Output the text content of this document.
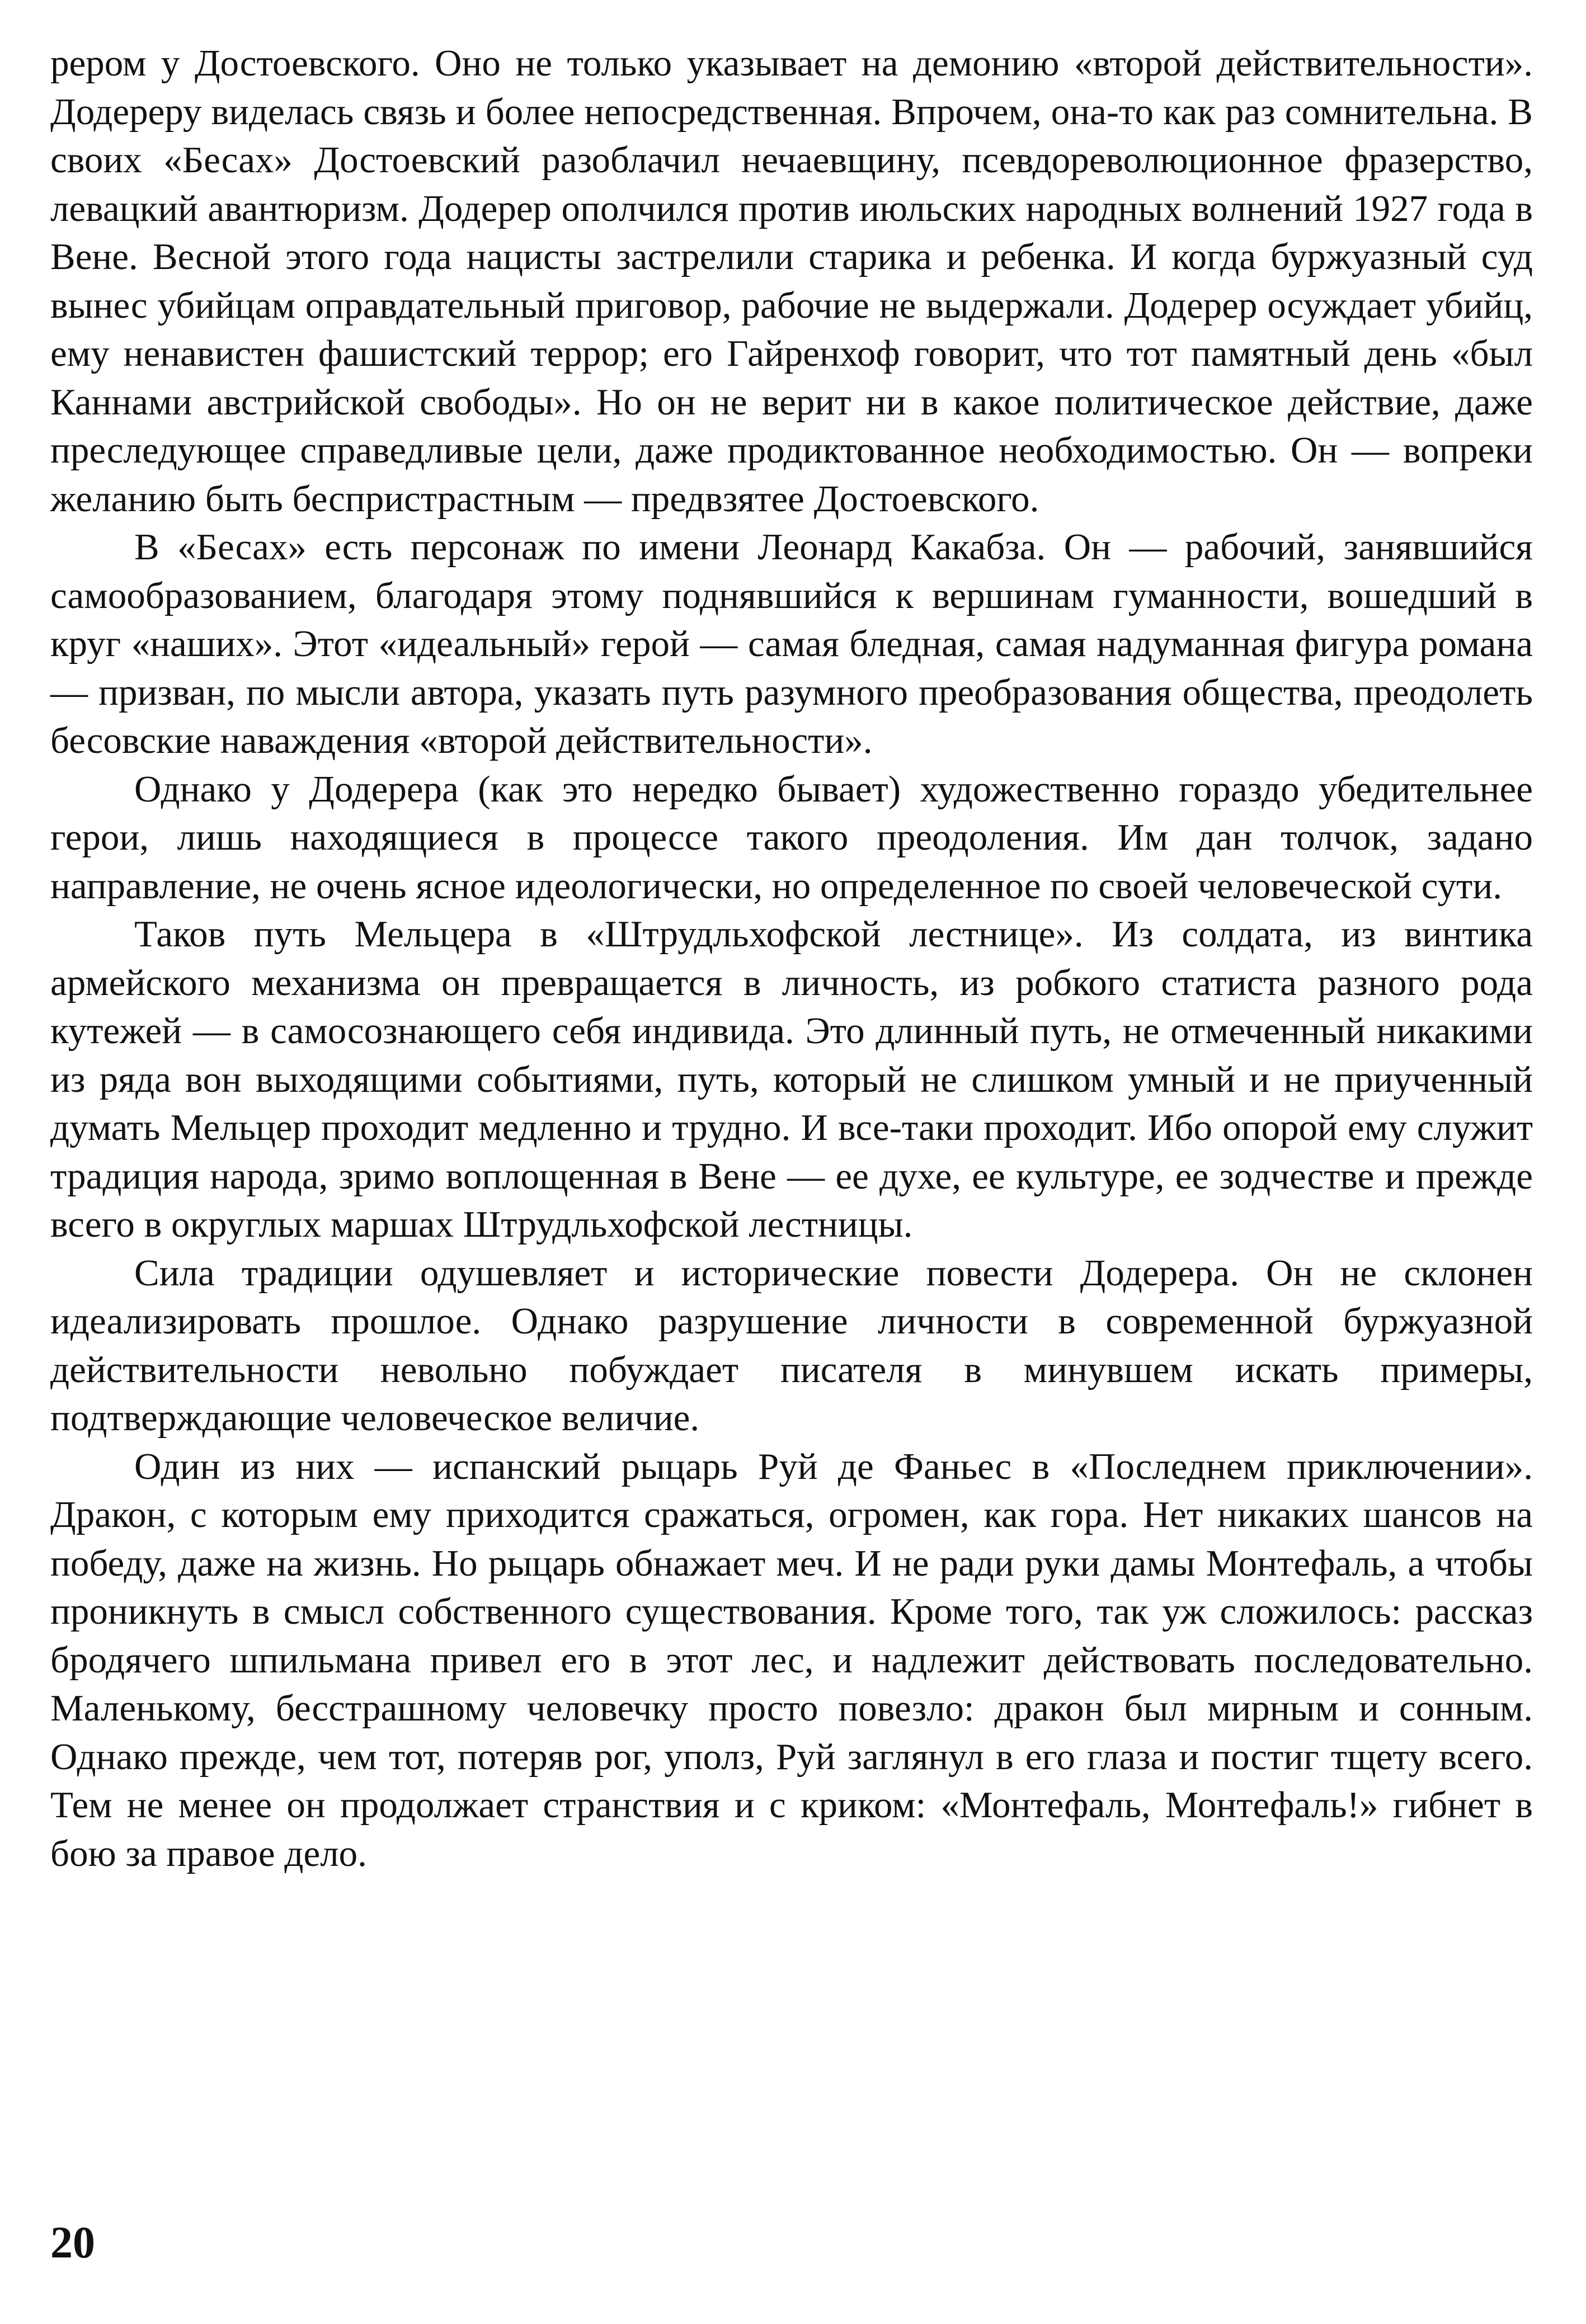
рером у Достоевского. Оно не только указывает на демонию «второй действительности». Додереру виделась связь и более непосредственная. Впрочем, она-то как раз сомнительна. В своих «Бесах» Достоевский разоблачил нечаевщину, псевдореволюционное фразерство, левацкий авантюризм. Додерер ополчился против июльских народных волнений 1927 года в Вене. Весной этого года нацисты застрелили старика и ребенка. И когда буржуазный суд вынес убийцам оправдательный приговор, рабочие не выдержали. Додерер осуждает убийц, ему ненавистен фашистский террор; его Гайренхоф говорит, что тот памятный день «был Каннами австрийской свободы». Но он не верит ни в какое политическое действие, даже преследующее справедливые цели, даже продиктованное необходимостью. Он — вопреки желанию быть беспристрастным — предвзятее Достоевского.

В «Бесах» есть персонаж по имени Леонард Какабза. Он — рабочий, занявшийся самообразованием, благодаря этому поднявшийся к вершинам гуманности, вошедший в круг «наших». Этот «идеальный» герой — самая бледная, самая надуманная фигура романа — призван, по мысли автора, указать путь разумного преобразования общества, преодолеть бесовские наваждения «второй действительности».

Однако у Додерера (как это нередко бывает) художественно гораздо убедительнее герои, лишь находящиеся в процессе такого преодоления. Им дан толчок, задано направление, не очень ясное идеологически, но определенное по своей человеческой сути.

Таков путь Мельцера в «Штрудльхофской лестнице». Из солдата, из винтика армейского механизма он превращается в личность, из робкого статиста разного рода кутежей — в самосознающего себя индивида. Это длинный путь, не отмеченный никакими из ряда вон выходящими событиями, путь, который не слишком умный и не приученный думать Мельцер проходит медленно и трудно. И все-таки проходит. Ибо опорой ему служит традиция народа, зримо воплощенная в Вене — ее духе, ее культуре, ее зодчестве и прежде всего в округлых маршах Штрудльхофской лестницы.

Сила традиции одушевляет и исторические повести Додерера. Он не склонен идеализировать прошлое. Однако разрушение личности в современной буржуазной действительности невольно побуждает писателя в минувшем искать примеры, подтверждающие человеческое величие.

Один из них — испанский рыцарь Руй де Фаньес в «Последнем приключении». Дракон, с которым ему приходится сражаться, огромен, как гора. Нет никаких шансов на победу, даже на жизнь. Но рыцарь обнажает меч. И не ради руки дамы Монтефаль, а чтобы проникнуть в смысл собственного существования. Кроме того, так уж сложилось: рассказ бродячего шпильмана привел его в этот лес, и надлежит действовать последовательно. Маленькому, бесстрашному человечку просто повезло: дракон был мирным и сонным. Однако прежде, чем тот, потеряв рог, уполз, Руй заглянул в его глаза и постиг тщету всего. Тем не менее он продолжает странствия и с криком: «Монтефаль, Монтефаль!» гибнет в бою за правое дело.

20
